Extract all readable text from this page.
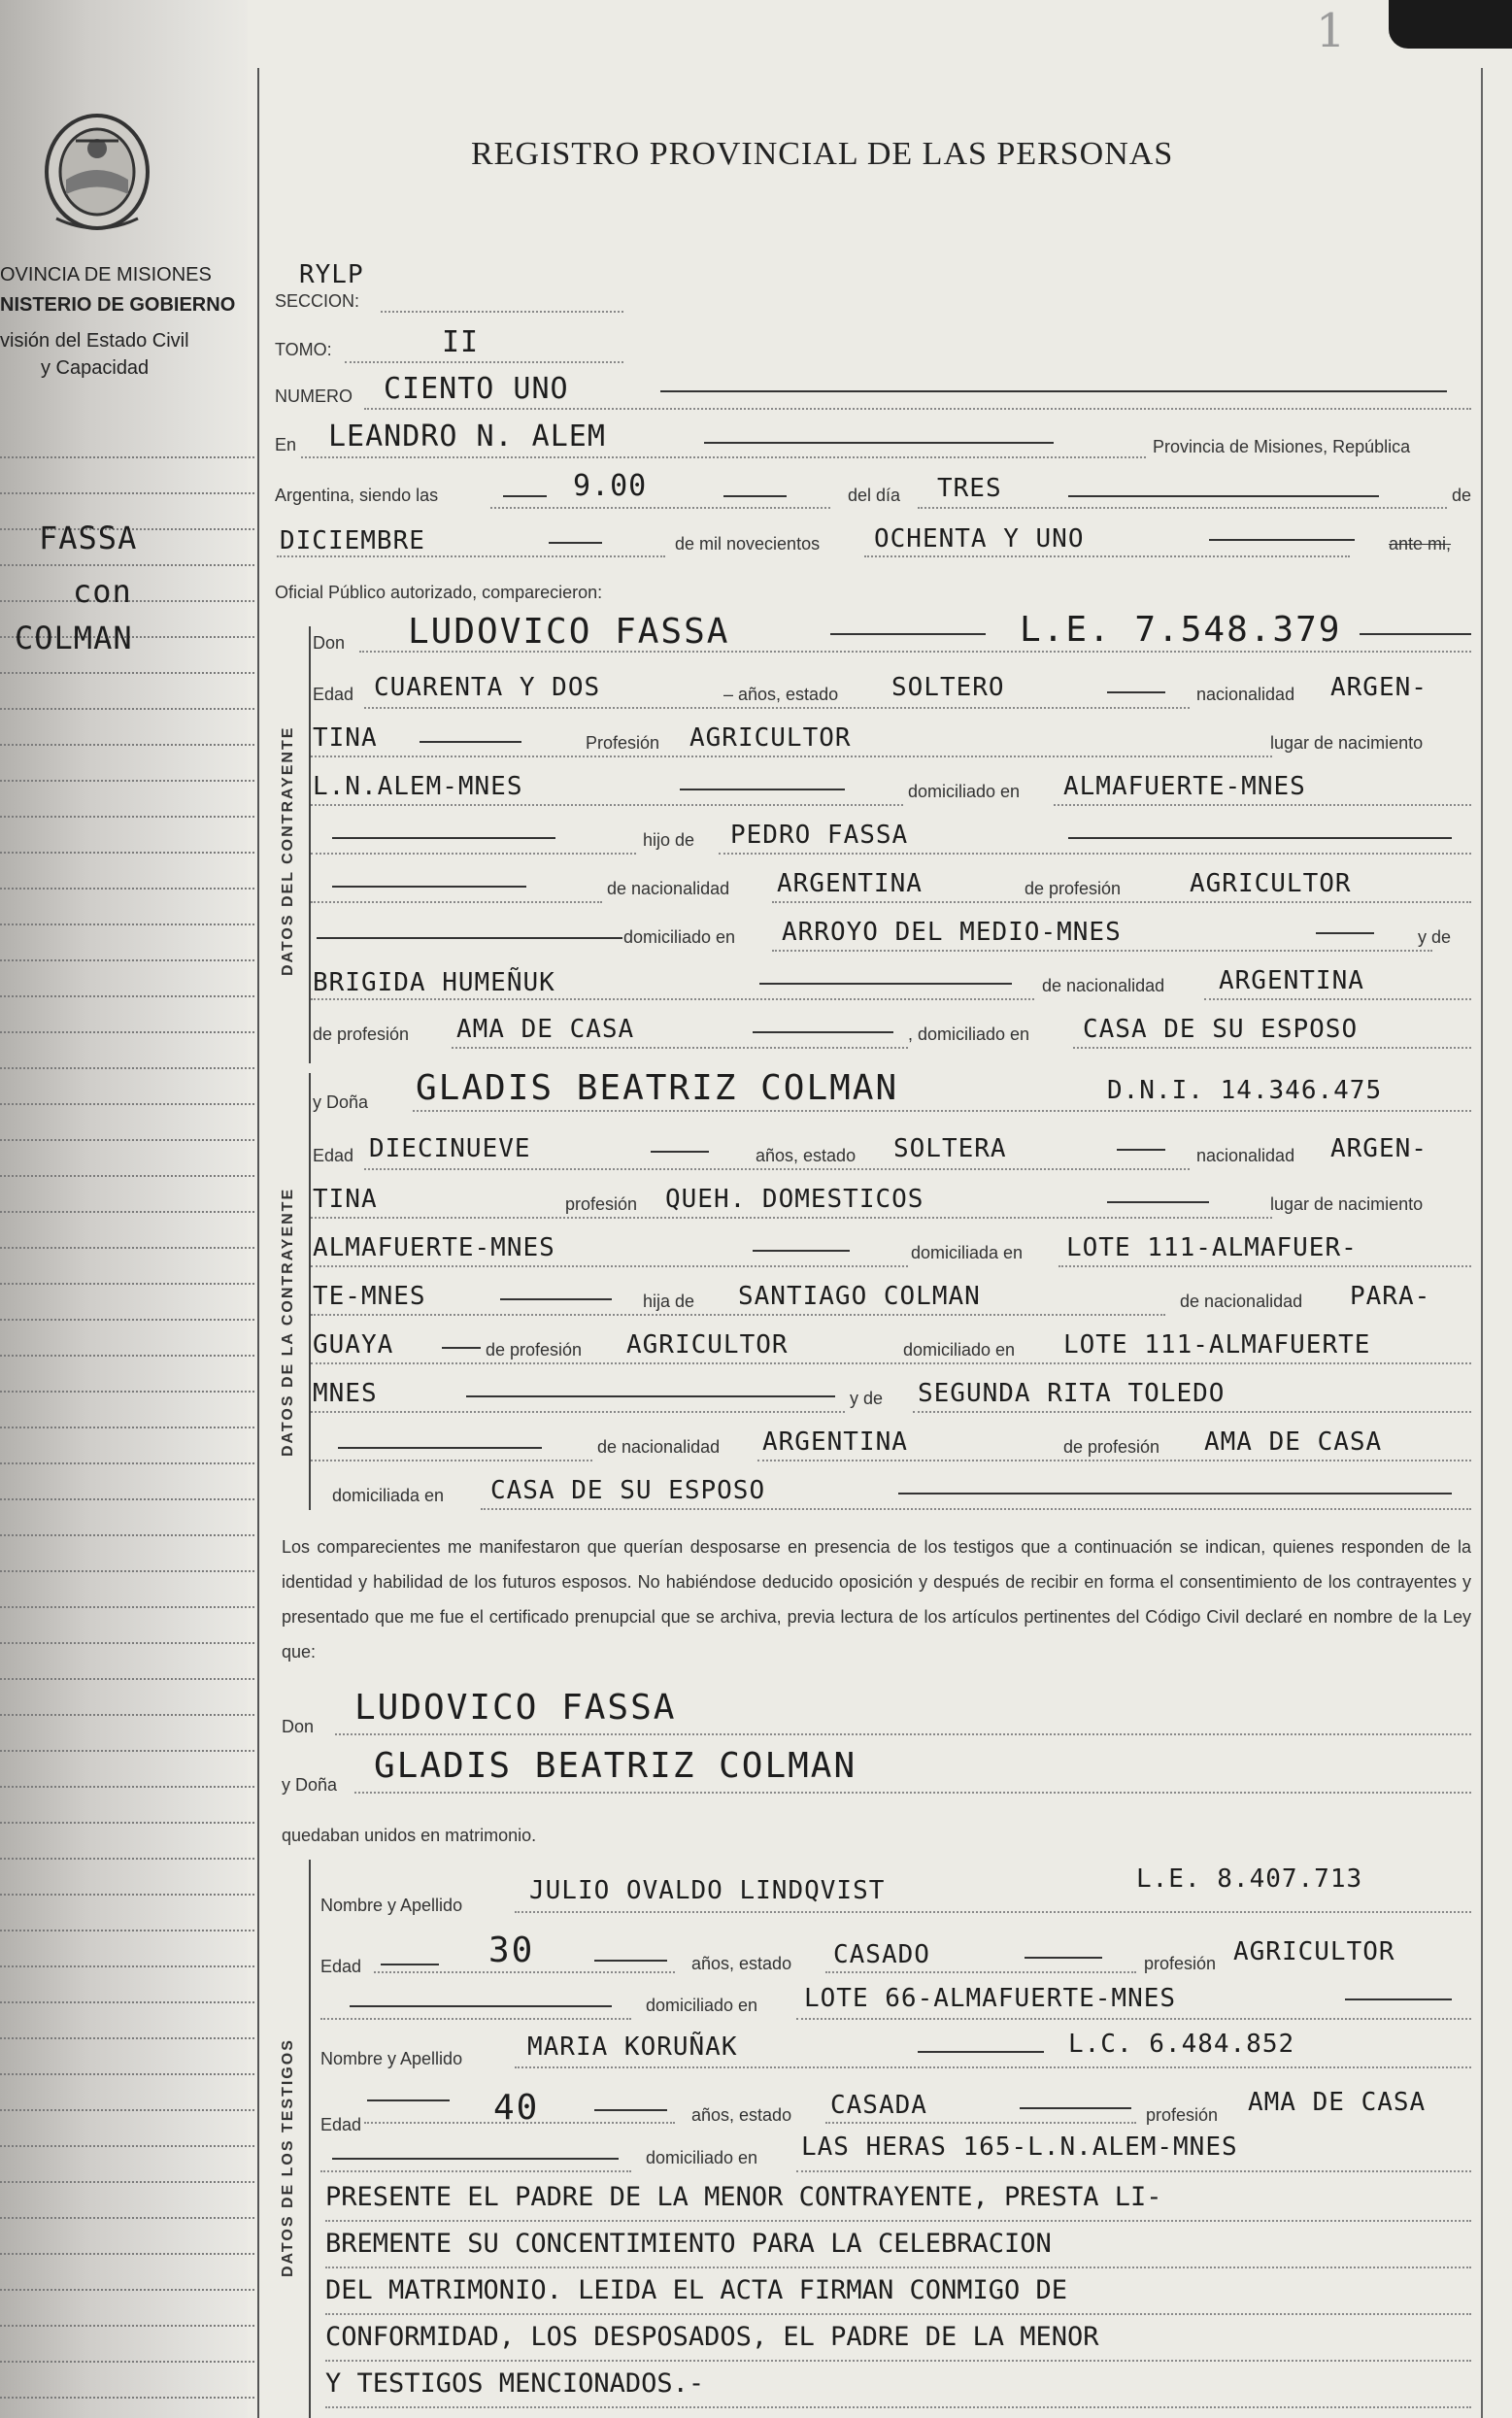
1
OVINCIA DE MISIONES
NISTERIO DE GOBIERNO
visión del Estado Civil
y Capacidad
FASSA
con
COLMAN
REGISTRO PROVINCIAL DE LAS PERSONAS
RYLP
SECCION:
TOMO:	II
NUMERO CIENTO UNO
En LEANDRO N. ALEM	Provincia de Misiones, República
Argentina, siendo las	9.00	del día TRES	de
DICIEMBRE	de mil novecientos OCHENTA Y UNO	ante mi,
Oficial Público autorizado, comparecieron:
DATOS DEL CONTRAYENTE
Don LUDOVICO FASSA	L.E. 7.548.379
Edad CUARENTA Y DOS	– años, estado SOLTERO	nacionalidad ARGEN-
TINA	Profesión AGRICULTOR	lugar de nacimiento
L.N.ALEM-MNES	domiciliado en ALMAFUERTE-MNES
hijo de PEDRO FASSA
de nacionalidad ARGENTINA	de profesión	AGRICULTOR
domiciliado en ARROYO DEL MEDIO-MNES	y de
BRIGIDA HUMEÑUK	de nacionalidad ARGENTINA
de profesión AMA DE CASA	, domiciliado en CASA DE SU ESPOSO
DATOS DE LA CONTRAYENTE
y Doña GLADIS BEATRIZ COLMAN	D.N.I. 14.346.475
Edad DIECINUEVE	años, estado SOLTERA	nacionalidad ARGEN-
TINA	profesión QUEH. DOMESTICOS	lugar de nacimiento
ALMAFUERTE-MNES	domiciliada en LOTE 111-ALMAFUER-
TE-MNES	hija de SANTIAGO COLMAN	de nacionalidad PARA-
GUAYA	de profesión AGRICULTOR	domiciliado en LOTE 111-ALMAFUERTE
MNES	y de SEGUNDA RITA TOLEDO
de nacionalidad ARGENTINA	de profesión AMA DE CASA
domiciliada en CASA DE SU ESPOSO
Los comparecientes me manifestaron que querían desposarse en presencia de los testigos que a continuación se indican, quienes responden de la identidad y habilidad de los futuros esposos. No habiéndose deducido oposición y después de recibir en forma el consentimiento de los contrayentes y presentado que me fue el certificado prenupcial que se archiva, previa lectura de los artículos pertinentes del Código Civil declaré en nombre de la Ley que:
Don LUDOVICO FASSA
y Doña GLADIS BEATRIZ COLMAN
quedaban unidos en matrimonio.
DATOS DE LOS TESTIGOS
Nombre y Apellido	JULIO OVALDO LINDQVIST	L.E. 8.407.713
Edad	30	años, estado CASADO	profesión AGRICULTOR
domiciliado en LOTE 66-ALMAFUERTE-MNES
Nombre y Apellido	MARIA KORUÑAK	L.C. 6.484.852
Edad	40	años, estado CASADA	profesión AMA DE CASA
domiciliado en LAS HERAS 165-L.N.ALEM-MNES
PRESENTE EL PADRE DE LA MENOR CONTRAYENTE, PRESTA LI-
BREMENTE SU CONCENTIMIENTO PARA LA CELEBRACION
DEL MATRIMONIO. LEIDA EL ACTA FIRMAN CONMIGO DE
CONFORMIDAD, LOS DESPOSADOS, EL PADRE DE LA MENOR
Y TESTIGOS MENCIONADOS.-
